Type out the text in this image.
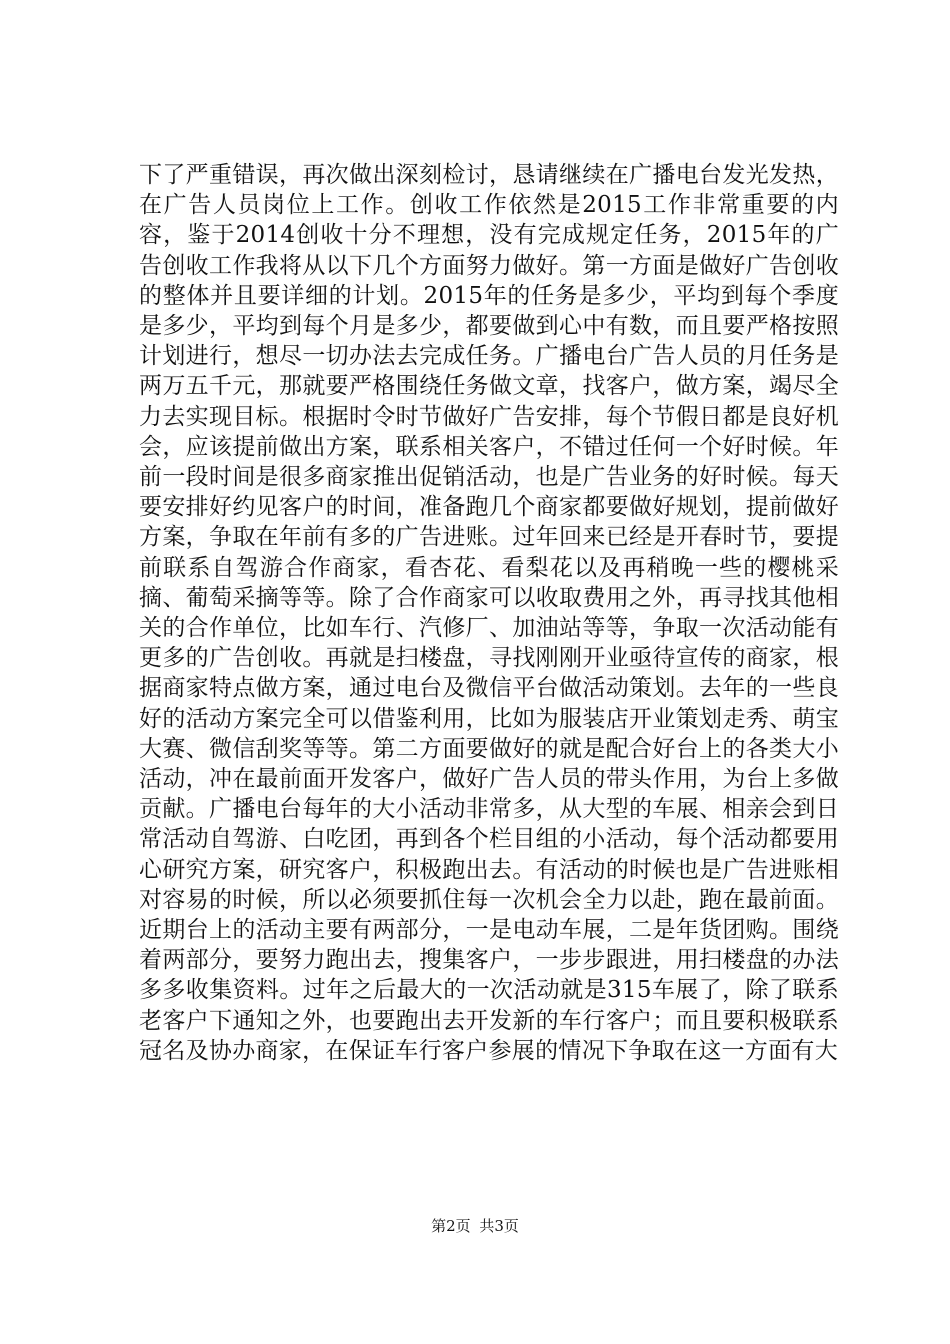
下了严重错误，再次做出深刻检讨，恳请继续在广播电台发光发热，在广告人员岗位上工作。创收工作依然是2015工作非常重要的内容，鉴于2014创收十分不理想，没有完成规定任务，2015年的广告创收工作我将从以下几个方面努力做好。第一方面是做好广告创收的整体并且要详细的计划。2015年的任务是多少，平均到每个季度是多少，平均到每个月是多少，都要做到心中有数，而且要严格按照计划进行，想尽一切办法去完成任务。广播电台广告人员的月任务是两万五千元，那就要严格围绕任务做文章，找客户，做方案，竭尽全力去实现目标。根据时令时节做好广告安排，每个节假日都是良好机会，应该提前做出方案，联系相关客户，不错过任何一个好时候。年前一段时间是很多商家推出促销活动，也是广告业务的好时候。每天要安排好约见客户的时间，准备跑几个商家都要做好规划，提前做好方案，争取在年前有多的广告进账。过年回来已经是开春时节，要提前联系自驾游合作商家，看杏花、看梨花以及再稍晚一些的樱桃采摘、葡萄采摘等等。除了合作商家可以收取费用之外，再寻找其他相关的合作单位，比如车行、汽修厂、加油站等等，争取一次活动能有更多的广告创收。再就是扫楼盘，寻找刚刚开业亟待宣传的商家，根据商家特点做方案，通过电台及微信平台做活动策划。去年的一些良好的活动方案完全可以借鉴利用，比如为服装店开业策划走秀、萌宝大赛、微信刮奖等等。第二方面要做好的就是配合好台上的各类大小活动，冲在最前面开发客户，做好广告人员的带头作用，为台上多做贡献。广播电台每年的大小活动非常多，从大型的车展、相亲会到日常活动自驾游、白吃团，再到各个栏目组的小活动，每个活动都要用心研究方案，研究客户，积极跑出去。有活动的时候也是广告进账相对容易的时候，所以必须要抓住每一次机会全力以赴，跑在最前面。近期台上的活动主要有两部分，一是电动车展，二是年货团购。围绕着两部分，要努力跑出去，搜集客户，一步步跟进，用扫楼盘的办法多多收集资料。过年之后最大的一次活动就是315车展了，除了联系老客户下通知之外，也要跑出去开发新的车行客户；而且要积极联系冠名及协办商家，在保证车行客户参展的情况下争取在这一方面有大

第2页 共3页
